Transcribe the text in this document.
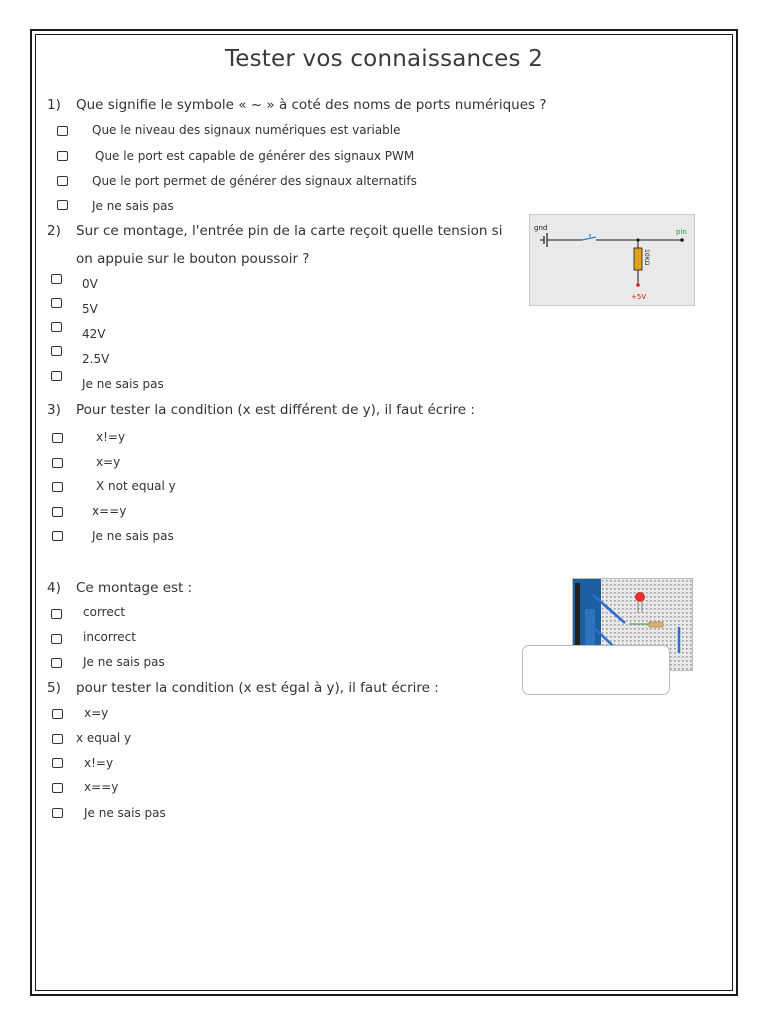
Tester vos connaissances 2
1) Que signifie le symbole « ~ » à coté des noms de ports numériques ?
Que le niveau des signaux numériques est variable
Que le port est capable de générer des signaux PWM
Que le port permet de générer des signaux alternatifs
Je ne sais pas
2) Sur ce montage, l'entrée pin de la carte reçoit quelle tension si
on appuie sur le bouton poussoir ?
0V
5V
42V
2.5V
Je ne sais pas
gnd	pin
10KΩ
+5V
3) Pour tester la condition (x est différent de y), il faut écrire :
x!=y
x=y
X not equal y
x==y
Je ne sais pas
4) Ce montage est :
correct
incorrect
Je ne sais pas
5) pour tester la condition (x est égal à y), il faut écrire :
x=y
x equal y
x!=y
x==y
Je ne sais pas
